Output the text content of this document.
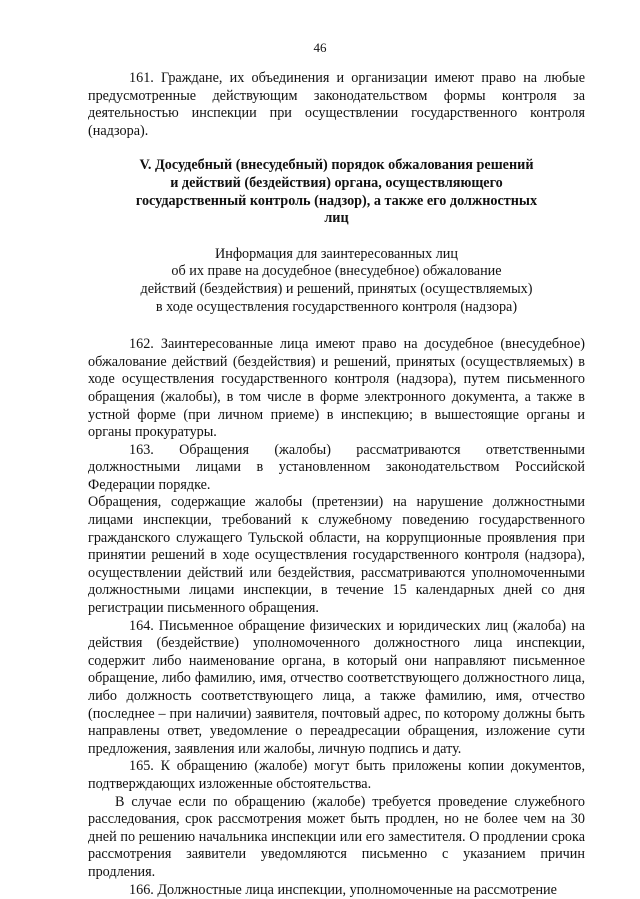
46

161. Граждане, их объединения и организации имеют право на любые предусмотренные действующим законодательством формы контроля за деятельностью инспекции при осуществлении государственного контроля (надзора).

V. Досудебный (внесудебный) порядок обжалования решений
и действий (бездействия) органа, осуществляющего
государственный контроль (надзор), а также его должностных
лиц
Информация для заинтересованных лиц
об их праве на досудебное (внесудебное) обжалование
действий (бездействия) и решений, принятых (осуществляемых)
в ходе осуществления государственного контроля (надзора)

162. Заинтересованные лица имеют право на досудебное (внесудебное) обжалование действий (бездействия) и решений, принятых (осуществляемых) в ходе осуществления государственного контроля (надзора), путем письменного обращения (жалобы), в том числе в форме электронного документа, а также в устной форме (при личном приеме) в инспекцию; в вышестоящие органы и органы прокуратуры.

163. Обращения (жалобы) рассматриваются ответственными должностными лицами в установленном законодательством Российской Федерации порядке.

Обращения, содержащие жалобы (претензии) на нарушение должностными лицами инспекции, требований к служебному поведению государственного гражданского служащего Тульской области, на коррупционные проявления при принятии решений в ходе осуществления государственного контроля (надзора), осуществлении действий или бездействия, рассматриваются уполномоченными должностными лицами инспекции, в течение 15 календарных дней со дня регистрации письменного обращения.

164. Письменное обращение физических и юридических лиц (жалоба) на действия (бездействие) уполномоченного должностного лица инспекции, содержит либо наименование органа, в который они направляют письменное обращение, либо фамилию, имя, отчество соответствующего должностного лица, либо должность соответствующего лица, а также фамилию, имя, отчество (последнее – при наличии) заявителя, почтовый адрес, по которому должны быть направлены ответ, уведомление о переадресации обращения, изложение сути предложения, заявления или жалобы, личную подпись и дату.

165. К обращению (жалобе) могут быть приложены копии документов, подтверждающих изложенные обстоятельства.

В случае если по обращению (жалобе) требуется проведение служебного расследования, срок рассмотрения может быть продлен, но не более чем на 30 дней по решению начальника инспекции или его заместителя. О продлении срока рассмотрения заявители уведомляются письменно с указанием причин продления.

166. Должностные лица инспекции, уполномоченные на рассмотрение
